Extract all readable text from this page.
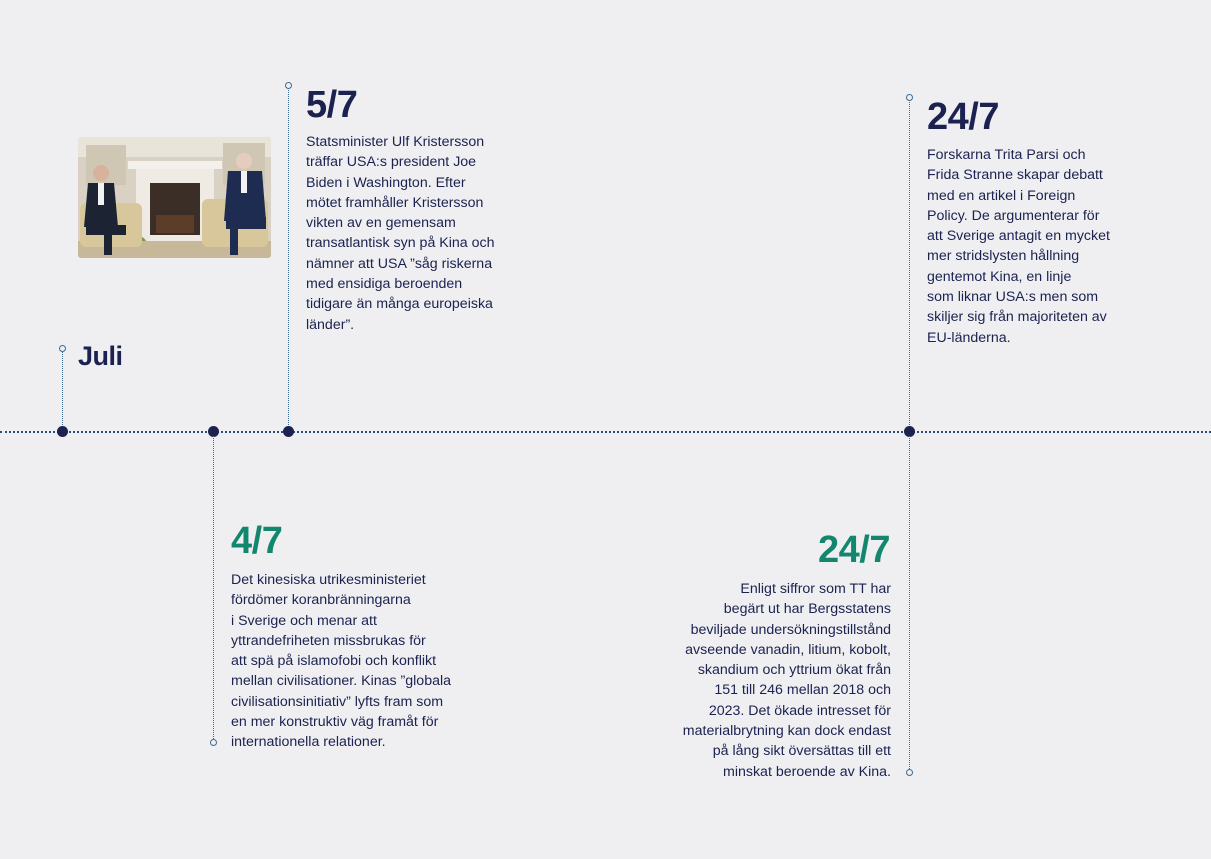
Juli
5/7
Statsminister Ulf Kristersson
träffar USA:s president Joe
Biden i Washington. Efter
mötet framhåller Kristersson
vikten av en gemensam
transatlantisk syn på Kina och
nämner att USA ”såg riskerna
med ensidiga beroenden
tidigare än många europeiska
länder”.
4/7
Det kinesiska utrikesministeriet
fördömer koranbränningarna
i Sverige och menar att
yttrandefriheten missbrukas för
att spä på islamofobi och konflikt
mellan civilisationer. Kinas ”globala
civilisationsinitiativ” lyfts fram som
en mer konstruktiv väg framåt för
internationella relationer.
24/7
Forskarna Trita Parsi och
Frida Stranne skapar debatt
med en artikel i Foreign
Policy. De argumenterar för
att Sverige antagit en mycket
mer stridslysten hållning
gentemot Kina, en linje
som liknar USA:s men som
skiljer sig från majoriteten av
EU-länderna.
24/7
Enligt siffror som TT har
begärt ut har Bergsstatens
beviljade undersökningstillstånd
avseende vanadin, litium, kobolt,
skandium och yttrium ökat från
151 till 246 mellan 2018 och
2023. Det ökade intresset för
materialbrytning kan dock endast
på lång sikt översättas till ett
minskat beroende av Kina.
